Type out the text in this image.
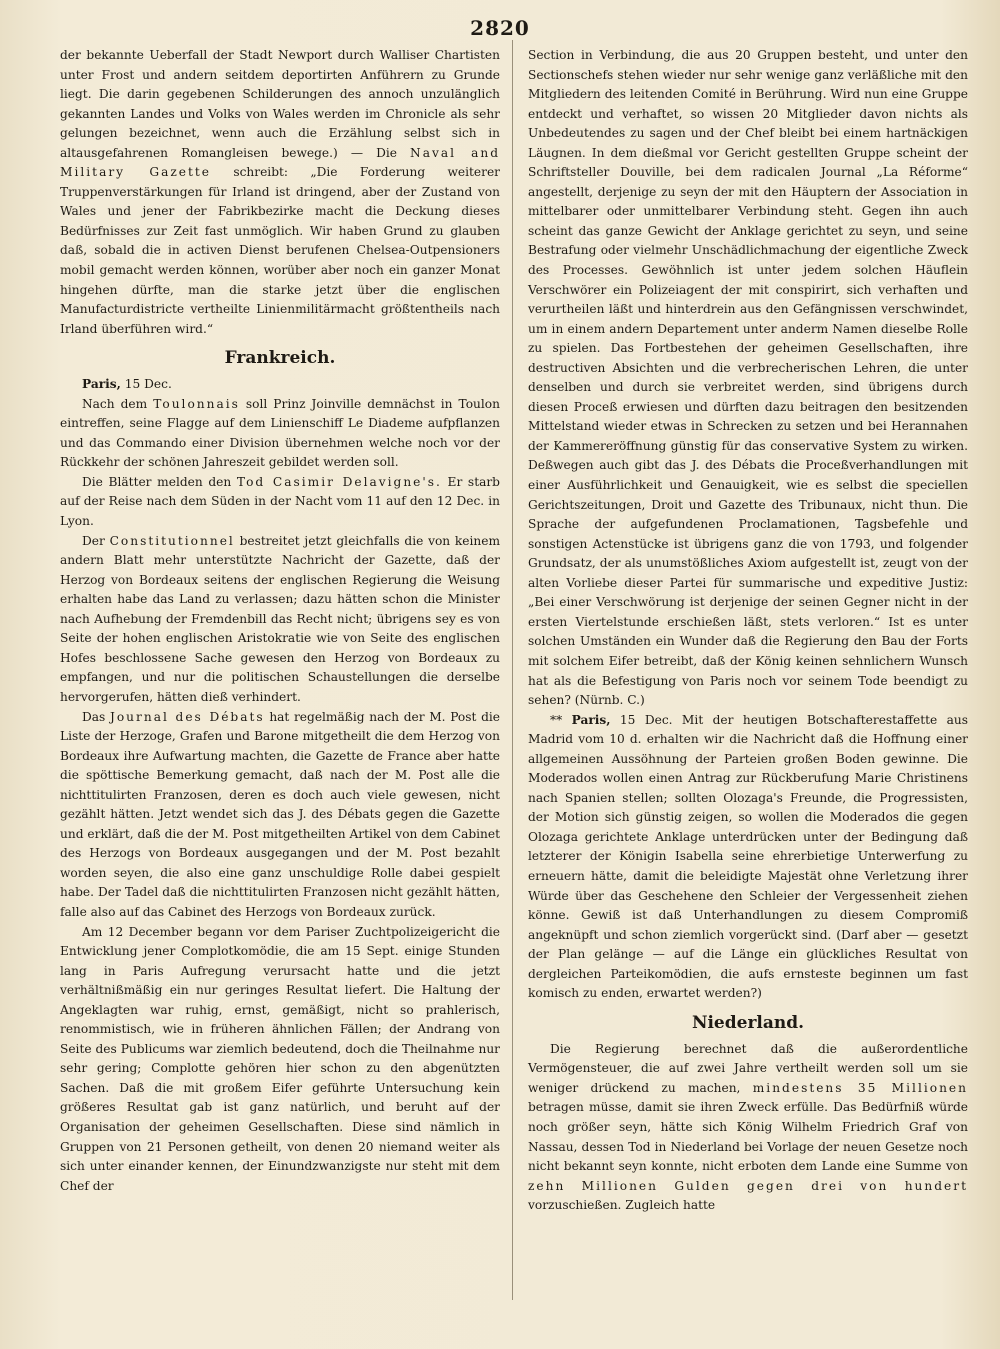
2820

der bekannte Ueberfall der Stadt Newport durch Walliser Chartisten unter Frost und andern seitdem deportirten Anführern zu Grunde liegt. Die darin gegebenen Schilderungen des annoch unzulänglich gekannten Landes und Volks von Wales werden im Chronicle als sehr gelungen bezeichnet, wenn auch die Erzählung selbst sich in altausgefahrenen Romangleisen bewege.) — Die Naval and Military Gazette schreibt: „Die Forderung weiterer Truppenverstärkungen für Irland ist dringend, aber der Zustand von Wales und jener der Fabrikbezirke macht die Deckung dieses Bedürfnisses zur Zeit fast unmöglich. Wir haben Grund zu glauben daß, sobald die in activen Dienst berufenen Chelsea-Outpensioners mobil gemacht werden können, worüber aber noch ein ganzer Monat hingehen dürfte, man die starke jetzt über die englischen Manufacturdistricte vertheilte Linienmilitärmacht größtentheils nach Irland überführen wird.“

Frankreich.

Paris, 15 Dec.

Nach dem Toulonnais soll Prinz Joinville demnächst in Toulon eintreffen, seine Flagge auf dem Linienschiff Le Diademe aufpflanzen und das Commando einer Division übernehmen welche noch vor der Rückkehr der schönen Jahreszeit gebildet werden soll.

Die Blätter melden den Tod Casimir Delavigne's. Er starb auf der Reise nach dem Süden in der Nacht vom 11 auf den 12 Dec. in Lyon.

Der Constitutionnel bestreitet jetzt gleichfalls die von keinem andern Blatt mehr unterstützte Nachricht der Gazette, daß der Herzog von Bordeaux seitens der englischen Regierung die Weisung erhalten habe das Land zu verlassen; dazu hätten schon die Minister nach Aufhebung der Fremdenbill das Recht nicht; übrigens sey es von Seite der hohen englischen Aristokratie wie von Seite des englischen Hofes beschlossene Sache gewesen den Herzog von Bordeaux zu empfangen, und nur die politischen Schaustellungen die derselbe hervorgerufen, hätten dieß verhindert.

Das Journal des Débats hat regelmäßig nach der M. Post die Liste der Herzoge, Grafen und Barone mitgetheilt die dem Herzog von Bordeaux ihre Aufwartung machten, die Gazette de France aber hatte die spöttische Bemerkung gemacht, daß nach der M. Post alle die nichttitulirten Franzosen, deren es doch auch viele gewesen, nicht gezählt hätten. Jetzt wendet sich das J. des Débats gegen die Gazette und erklärt, daß die der M. Post mitgetheilten Artikel von dem Cabinet des Herzogs von Bordeaux ausgegangen und der M. Post bezahlt worden seyen, die also eine ganz unschuldige Rolle dabei gespielt habe. Der Tadel daß die nichttitulirten Franzosen nicht gezählt hätten, falle also auf das Cabinet des Herzogs von Bordeaux zurück.

Am 12 December begann vor dem Pariser Zuchtpolizeigericht die Entwicklung jener Complotkomödie, die am 15 Sept. einige Stunden lang in Paris Aufregung verursacht hatte und die jetzt verhältnißmäßig ein nur geringes Resultat liefert. Die Haltung der Angeklagten war ruhig, ernst, gemäßigt, nicht so prahlerisch, renommistisch, wie in früheren ähnlichen Fällen; der Andrang von Seite des Publicums war ziemlich bedeutend, doch die Theilnahme nur sehr gering; Complotte gehören hier schon zu den abgenützten Sachen. Daß die mit großem Eifer geführte Untersuchung kein größeres Resultat gab ist ganz natürlich, und beruht auf der Organisation der geheimen Gesellschaften. Diese sind nämlich in Gruppen von 21 Personen getheilt, von denen 20 niemand weiter als sich unter einander kennen, der Einundzwanzigste nur steht mit dem Chef der

Section in Verbindung, die aus 20 Gruppen besteht, und unter den Sectionschefs stehen wieder nur sehr wenige ganz verläßliche mit den Mitgliedern des leitenden Comité in Berührung. Wird nun eine Gruppe entdeckt und verhaftet, so wissen 20 Mitglieder davon nichts als Unbedeutendes zu sagen und der Chef bleibt bei einem hartnäckigen Läugnen. In dem dießmal vor Gericht gestellten Gruppe scheint der Schriftsteller Douville, bei dem radicalen Journal „La Réforme“ angestellt, derjenige zu seyn der mit den Häuptern der Association in mittelbarer oder unmittelbarer Verbindung steht. Gegen ihn auch scheint das ganze Gewicht der Anklage gerichtet zu seyn, und seine Bestrafung oder vielmehr Unschädlichmachung der eigentliche Zweck des Processes. Gewöhnlich ist unter jedem solchen Häuflein Verschwörer ein Polizeiagent der mit conspirirt, sich verhaften und verurtheilen läßt und hinterdrein aus den Gefängnissen verschwindet, um in einem andern Departement unter anderm Namen dieselbe Rolle zu spielen. Das Fortbestehen der geheimen Gesellschaften, ihre destructiven Absichten und die verbrecherischen Lehren, die unter denselben und durch sie verbreitet werden, sind übrigens durch diesen Proceß erwiesen und dürften dazu beitragen den besitzenden Mittelstand wieder etwas in Schrecken zu setzen und bei Herannahen der Kammereröffnung günstig für das conservative System zu wirken. Deßwegen auch gibt das J. des Débats die Proceßverhandlungen mit einer Ausführlichkeit und Genauigkeit, wie es selbst die speciellen Gerichtszeitungen, Droit und Gazette des Tribunaux, nicht thun. Die Sprache der aufgefundenen Proclamationen, Tagsbefehle und sonstigen Actenstücke ist übrigens ganz die von 1793, und folgender Grundsatz, der als unumstößliches Axiom aufgestellt ist, zeugt von der alten Vorliebe dieser Partei für summarische und expeditive Justiz: „Bei einer Verschwörung ist derjenige der seinen Gegner nicht in der ersten Viertelstunde erschießen läßt, stets verloren.“ Ist es unter solchen Umständen ein Wunder daß die Regierung den Bau der Forts mit solchem Eifer betreibt, daß der König keinen sehnlichern Wunsch hat als die Befestigung von Paris noch vor seinem Tode beendigt zu sehen? (Nürnb. C.)

** Paris, 15 Dec. Mit der heutigen Botschafterestaffette aus Madrid vom 10 d. erhalten wir die Nachricht daß die Hoffnung einer allgemeinen Aussöhnung der Parteien großen Boden gewinne. Die Moderados wollen einen Antrag zur Rückberufung Marie Christinens nach Spanien stellen; sollten Olozaga's Freunde, die Progressisten, der Motion sich günstig zeigen, so wollen die Moderados die gegen Olozaga gerichtete Anklage unterdrücken unter der Bedingung daß letzterer der Königin Isabella seine ehrerbietige Unterwerfung zu erneuern hätte, damit die beleidigte Majestät ohne Verletzung ihrer Würde über das Geschehene den Schleier der Vergessenheit ziehen könne. Gewiß ist daß Unterhandlungen zu diesem Compromiß angeknüpft und schon ziemlich vorgerückt sind. (Darf aber — gesetzt der Plan gelänge — auf die Länge ein glückliches Resultat von dergleichen Parteikomödien, die aufs ernsteste beginnen um fast komisch zu enden, erwartet werden?)

Niederland.

Die Regierung berechnet daß die außerordentliche Vermögensteuer, die auf zwei Jahre vertheilt werden soll um sie weniger drückend zu machen, mindestens 35 Millionen betragen müsse, damit sie ihren Zweck erfülle. Das Bedürfniß würde noch größer seyn, hätte sich König Wilhelm Friedrich Graf von Nassau, dessen Tod in Niederland bei Vorlage der neuen Gesetze noch nicht bekannt seyn konnte, nicht erboten dem Lande eine Summe von zehn Millionen Gulden gegen drei von hundert vorzuschießen. Zugleich hatte
